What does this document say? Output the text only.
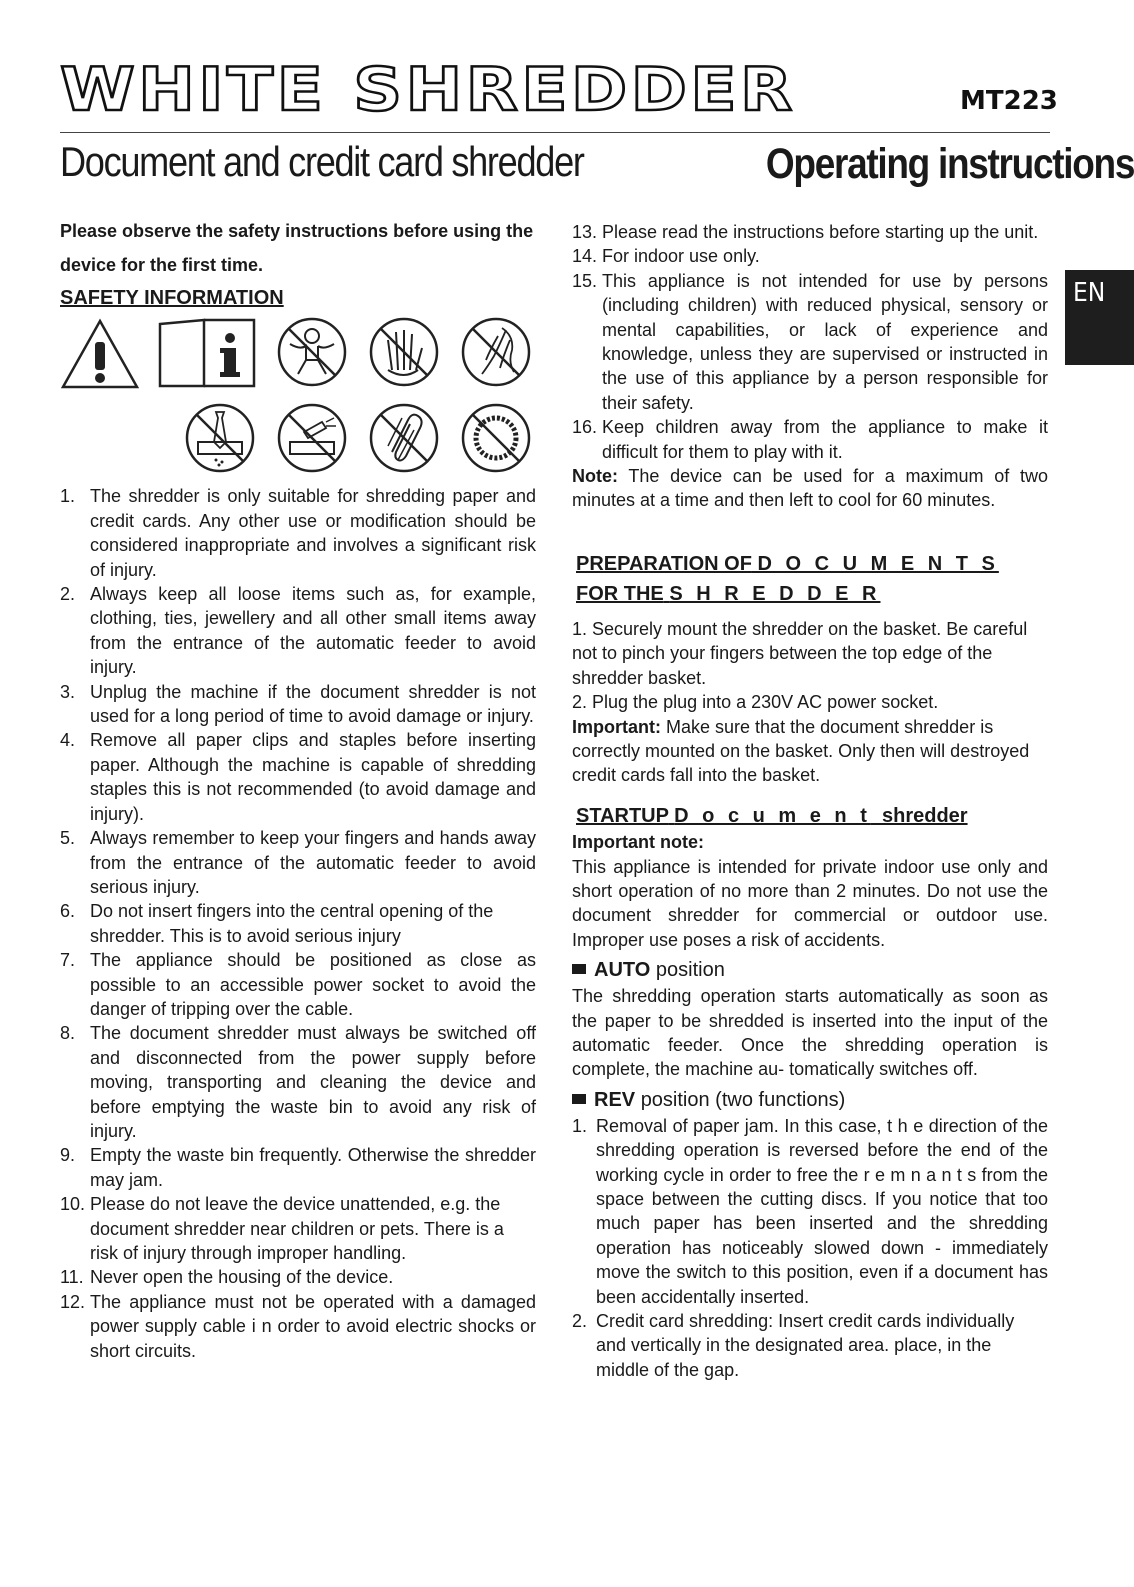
WHITE SHREDDER	MT223
Document and credit card shredder	Operating instructions
EN
Please observe the safety instructions before using the device for the first time.
SAFETY INFORMATION
1. The shredder is only suitable for shredding paper and credit cards. Any other use or modification should be considered inappropriate and involves a significant risk of injury.
2. Always keep all loose items such as, for example, clothing, ties, jewellery and all other small items away from the entrance of the automatic feeder to avoid injury.
3. Unplug the machine if the document shredder is not used for a long period of time to avoid damage or injury.
4. Remove all paper clips and staples before inserting paper. Although the machine is capable of shredding staples this is not recommended (to avoid damage and injury).
5. Always remember to keep your fingers and hands away from the entrance of the automatic feeder to avoid serious injury.
6. Do not insert fingers into the central opening of the shredder. This is to avoid serious injury
7. The appliance should be positioned as close as possible to an accessible power socket to avoid the danger of tripping over the cable.
8. The document shredder must always be switched off and disconnected from the power supply before moving, transporting and cleaning the device and before emptying the waste bin to avoid any risk of injury.
9. Empty the waste bin frequently. Otherwise the shredder may jam.
10. Please do not leave the device unattended, e.g. the document shredder near children or pets. There is a risk of injury through improper handling.
11. Never open the housing of the device.
12. The appliance must not be operated with a damaged power supply cable i n order to avoid electric shocks or short circuits.
13. Please read the instructions before starting up the unit.
14. For indoor use only.
15. This appliance is not intended for use by persons (including children) with reduced physical, sensory or mental capabilities, or lack of experience and knowledge, unless they are supervised or instructed in the use of this appliance by a person responsible for their safety.
16. Keep children away from the appliance to make it difficult for them to play with it.

Note: The device can be used for a maximum of two minutes at a time and then left to cool for 60 minutes.

PREPARATION OF D O C U M E N T S
FOR THE S H R E D D E R

1. Securely mount the shredder on the basket. Be careful not to pinch your fingers between the top edge of the shredder basket.

2. Plug the plug into a 230V AC power socket.

Important: Make sure that the document shredder is correctly mounted on the basket. Only then will destroyed credit cards fall into the basket.

STARTUP D o c u m e n t shredder
Important note:

This appliance is intended for private indoor use only and short operation of no more than 2 minutes. Do not use the document shredder for commercial or outdoor use. Improper use poses a risk of accidents.

AUTO position

The shredding operation starts automatically as soon as the paper to be shredded is inserted into the input of the automatic feeder. Once the shredding operation is complete, the machine au- tomatically switches off.

REV position (two functions)
1. Removal of paper jam. In this case, t h e direction of the shredding operation is reversed before the end of the working cycle in order to free the r e m n a n t s from the space between the cutting discs. If you notice that too much paper has been inserted and the shredding operation has noticeably slowed down - immediately move the switch to this position, even if a document has been accidentally inserted.
2. Credit card shredding: Insert credit cards individually and vertically in the designated area. place, in the middle of the gap.
